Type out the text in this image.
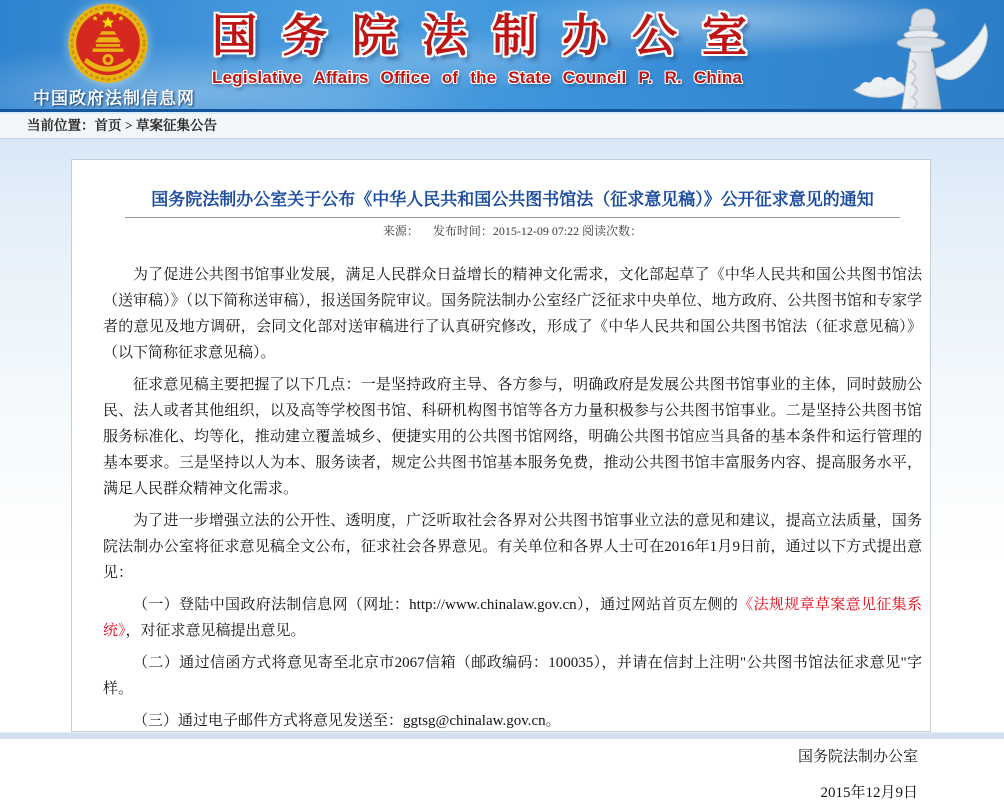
中国政府法制信息网
国务院法制办公室
Legislative Affairs Office of the State Council P. R. China
当前位置：首页 > 草案征集公告
国务院法制办公室关于公布《中华人民共和国公共图书馆法（征求意见稿）》公开征求意见的通知
来源： 发布时间：2015-12-09 07:22 阅读次数：

为了促进公共图书馆事业发展，满足人民群众日益增长的精神文化需求，文化部起草了《中华人民共和国公共图书馆法（送审稿）》（以下简称送审稿），报送国务院审议。国务院法制办公室经广泛征求中央单位、地方政府、公共图书馆和专家学者的意见及地方调研，会同文化部对送审稿进行了认真研究修改，形成了《中华人民共和国公共图书馆法（征求意见稿）》（以下简称征求意见稿）。

征求意见稿主要把握了以下几点：一是坚持政府主导、各方参与，明确政府是发展公共图书馆事业的主体，同时鼓励公民、法人或者其他组织，以及高等学校图书馆、科研机构图书馆等各方力量积极参与公共图书馆事业。二是坚持公共图书馆服务标准化、均等化，推动建立覆盖城乡、便捷实用的公共图书馆网络，明确公共图书馆应当具备的基本条件和运行管理的基本要求。三是坚持以人为本、服务读者，规定公共图书馆基本服务免费，推动公共图书馆丰富服务内容、提高服务水平，满足人民群众精神文化需求。

为了进一步增强立法的公开性、透明度，广泛听取社会各界对公共图书馆事业立法的意见和建议，提高立法质量，国务院法制办公室将征求意见稿全文公布，征求社会各界意见。有关单位和各界人士可在2016年1月9日前，通过以下方式提出意见：

（一）登陆中国政府法制信息网（网址：http://www.chinalaw.gov.cn），通过网站首页左侧的《法规规章草案意见征集系统》，对征求意见稿提出意见。

（二）通过信函方式将意见寄至北京市2067信箱（邮政编码：100035），并请在信封上注明"公共图书馆法征求意见"字样。

（三）通过电子邮件方式将意见发送至：ggtsg@chinalaw.gov.cn。

国务院法制办公室
2015年12月9日
